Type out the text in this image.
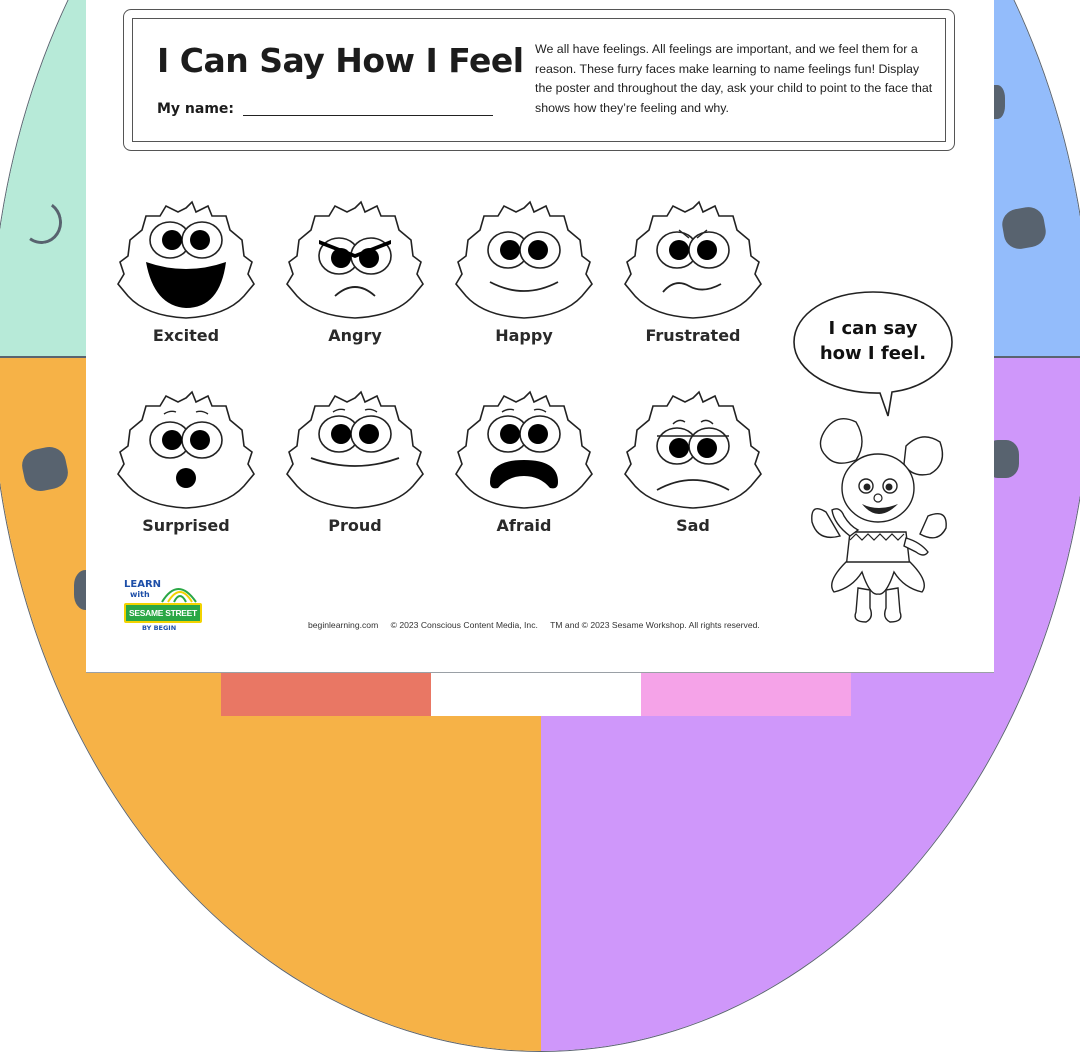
I Can Say How I Feel
My name:
We all have feelings. All feelings are important, and we feel them for a reason. These furry faces make learning to name feelings fun! Display the poster and throughout the day, ask your child to point to the face that shows how they’re feeling and why.
Excited	Angry	Happy	Frustrated
Surprised	Proud	Afraid	Sad
I can say
how I feel.
LEARN
with
SESAME STREET
BY BEGIN	beginlearning.com © 2023 Conscious Content Media, Inc. TM and © 2023 Sesame Workshop. All rights reserved.
